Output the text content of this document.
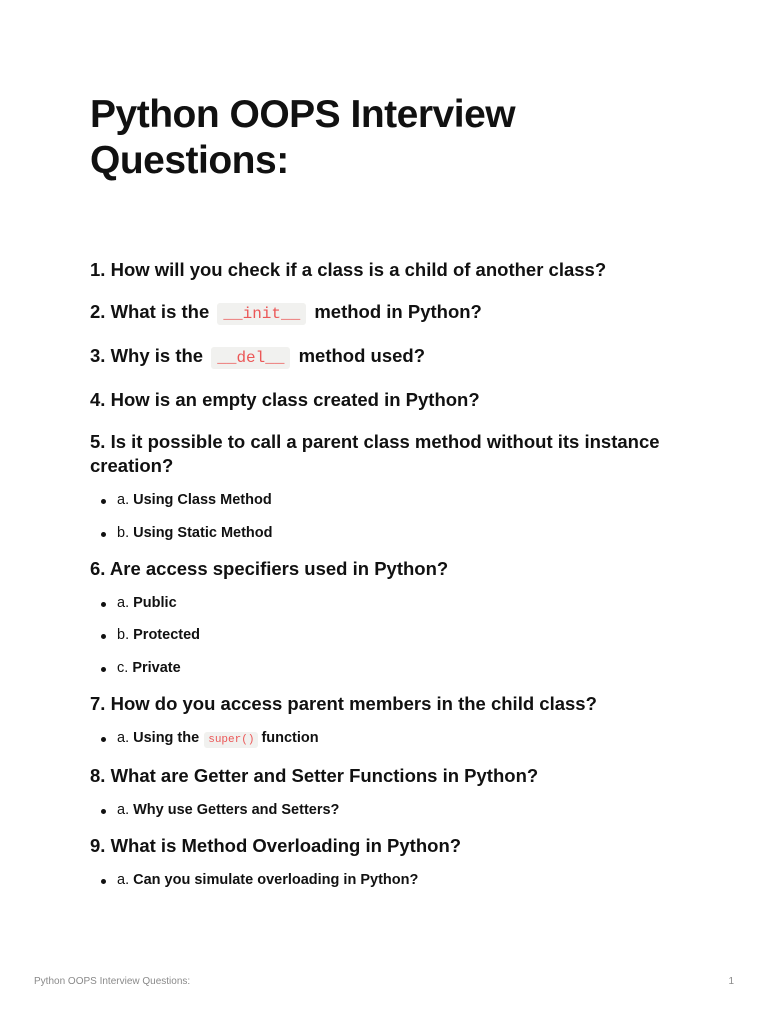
Python OOPS Interview Questions:

1. How will you check if a class is a child of another class?

2. What is the __init__ method in Python?

3. Why is the __del__ method used?

4. How is an empty class created in Python?

5. Is it possible to call a parent class method without its instance creation?

a. Using Class Method
b. Using Static Method

6. Are access specifiers used in Python?

a. Public
b. Protected
c. Private

7. How do you access parent members in the child class?

a. Using the super() function

8. What are Getter and Setter Functions in Python?

a. Why use Getters and Setters?

9. What is Method Overloading in Python?

a. Can you simulate overloading in Python?
Python OOPS Interview Questions:	1
